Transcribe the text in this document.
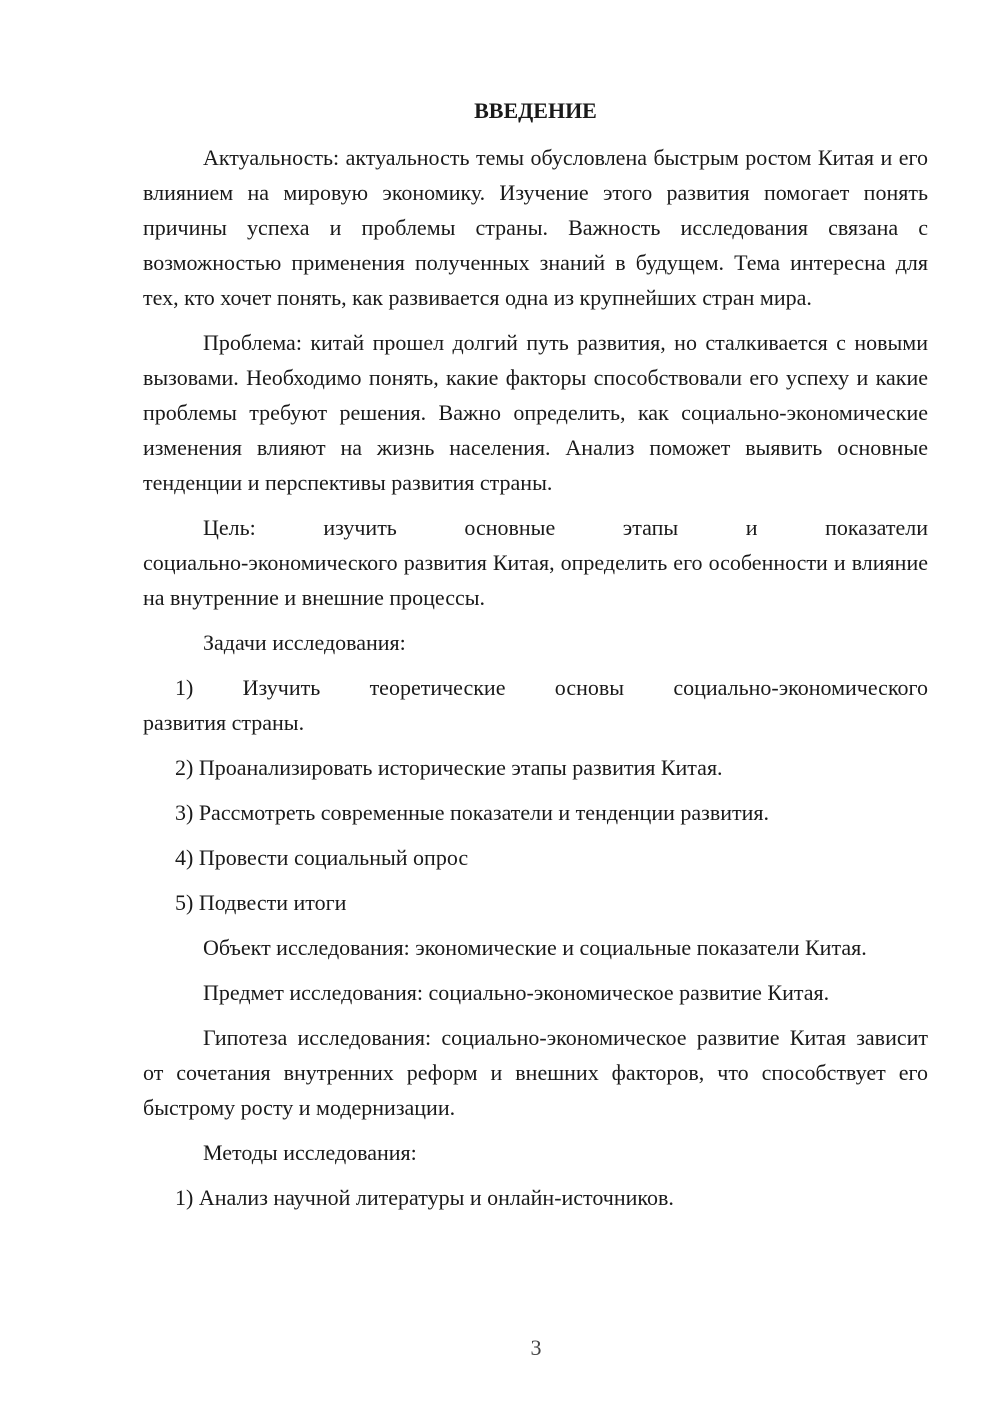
ВВЕДЕНИЕ
Актуальность: актуальность темы обусловлена быстрым ростом Китая и его влиянием на мировую экономику. Изучение этого развития помогает понять причины успеха и проблемы страны. Важность исследования связана с возможностью применения полученных знаний в будущем. Тема интересна для тех, кто хочет понять, как развивается одна из крупнейших стран мира.
Проблема: китай прошел долгий путь развития, но сталкивается с новыми вызовами. Необходимо понять, какие факторы способствовали его успеху и какие проблемы требуют решения. Важно определить, как социально-экономические изменения влияют на жизнь населения. Анализ поможет выявить основные тенденции и перспективы развития страны.
Цель: изучить основные этапы и показатели
социально-экономического развития Китая, определить его особенности и влияние на внутренние и внешние процессы.
Задачи исследования:
1) Изучить теоретические основы социально-экономического
развития страны.
2) Проанализировать исторические этапы развития Китая.
3) Рассмотреть современные показатели и тенденции развития.
4) Провести социальный опрос
5) Подвести итоги
Объект исследования: экономические и социальные показатели Китая.
Предмет исследования: социально-экономическое развитие Китая.
Гипотеза исследования: социально-экономическое развитие Китая зависит от сочетания внутренних реформ и внешних факторов, что способствует его быстрому росту и модернизации.
Методы исследования:
1) Анализ научной литературы и онлайн-источников.
3
